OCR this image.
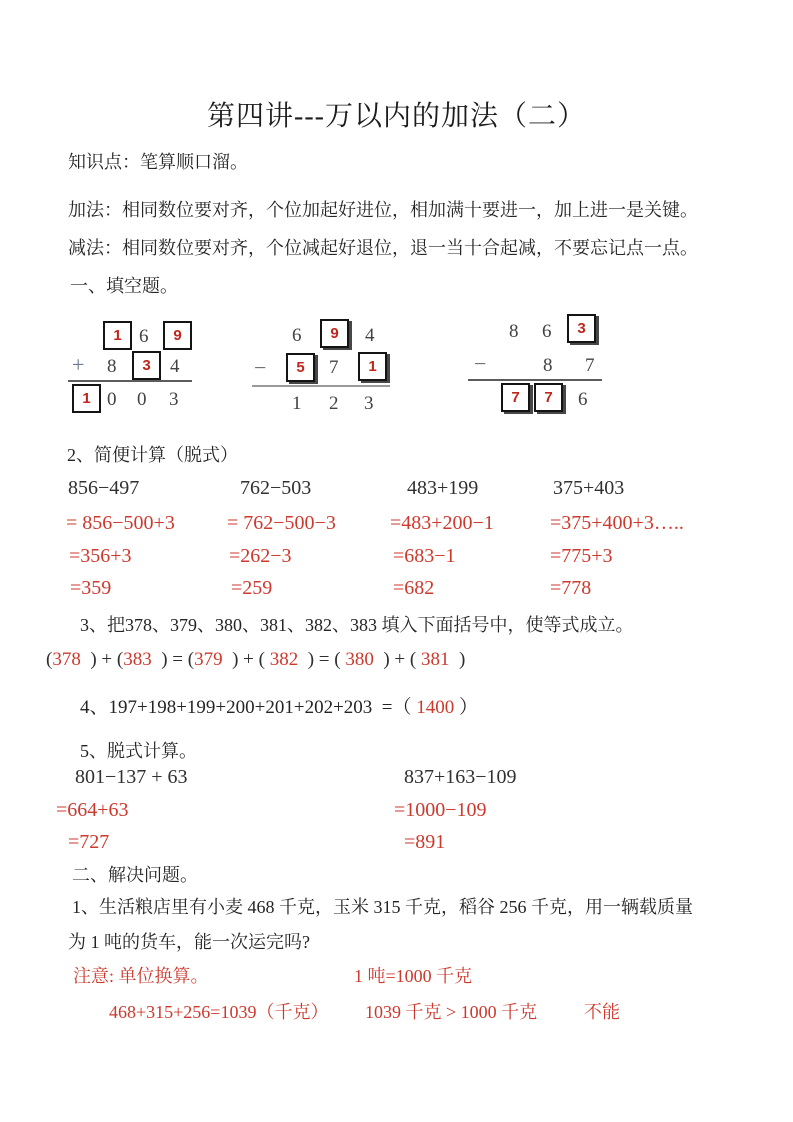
第四讲---万以内的加法（二）
知识点：笔算顺口溜。
加法：相同数位要对齐，个位加起好进位，相加满十要进一，加上进一是关键。
减法：相同数位要对齐，个位减起好退位，退一当十合起减，不要忘记点一点。
一、填空题。
1 6 9
+ 8 3 4
1 0 0 3
6 9 4
− 5 7 1
1 2 3
8 6 3
−	8 7
7 7 6
2、简便计算（脱式）
856−497	762−503	483+199	375+403
= 856−500+3	= 762−500−3	=483+200−1	=375+400+3…..
=356+3	=262−3	=683−1	=775+3
=359	=259	=682	=778
3、把378、379、380、381、382、383 填入下面括号中，使等式成立。
(378  ) + (383  ) = (379  ) + ( 382  ) = ( 380  ) + ( 381  )
4、197+198+199+200+201+202+203  =（ 1400 ）
5、脱式计算。
801−137 + 63	837+163−109
=664+63	=1000−109
=727	=891
二、解决问题。
1、生活粮店里有小麦 468 千克，玉米 315 千克，稻谷 256 千克，用一辆载质量
为 1 吨的货车，能一次运完吗?
注意: 单位换算。	1 吨=1000 千克
468+315+256=1039（千克） 1039 千克 > 1000 千克	不能
